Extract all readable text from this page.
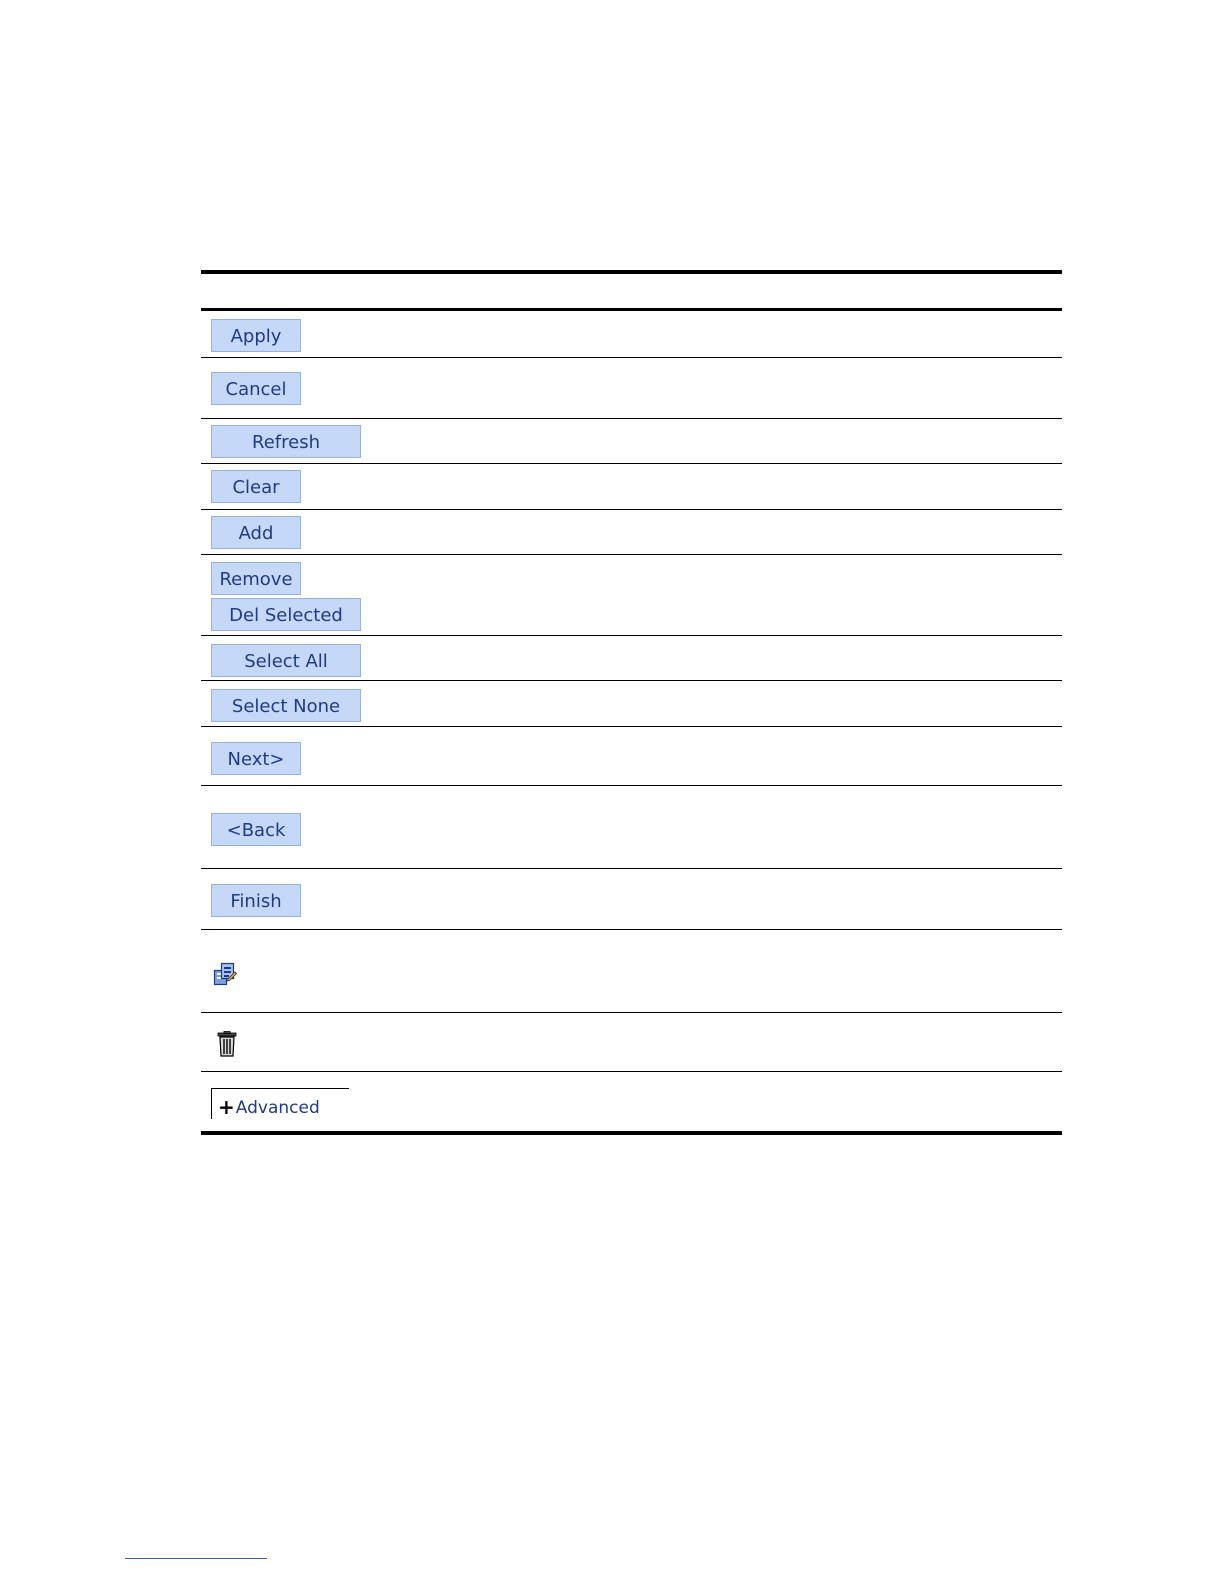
Apply
Cancel
Refresh
Clear
Add
Remove
Del Selected
Select All
Select None
Next>
<Back
Finish
+ Advanced
